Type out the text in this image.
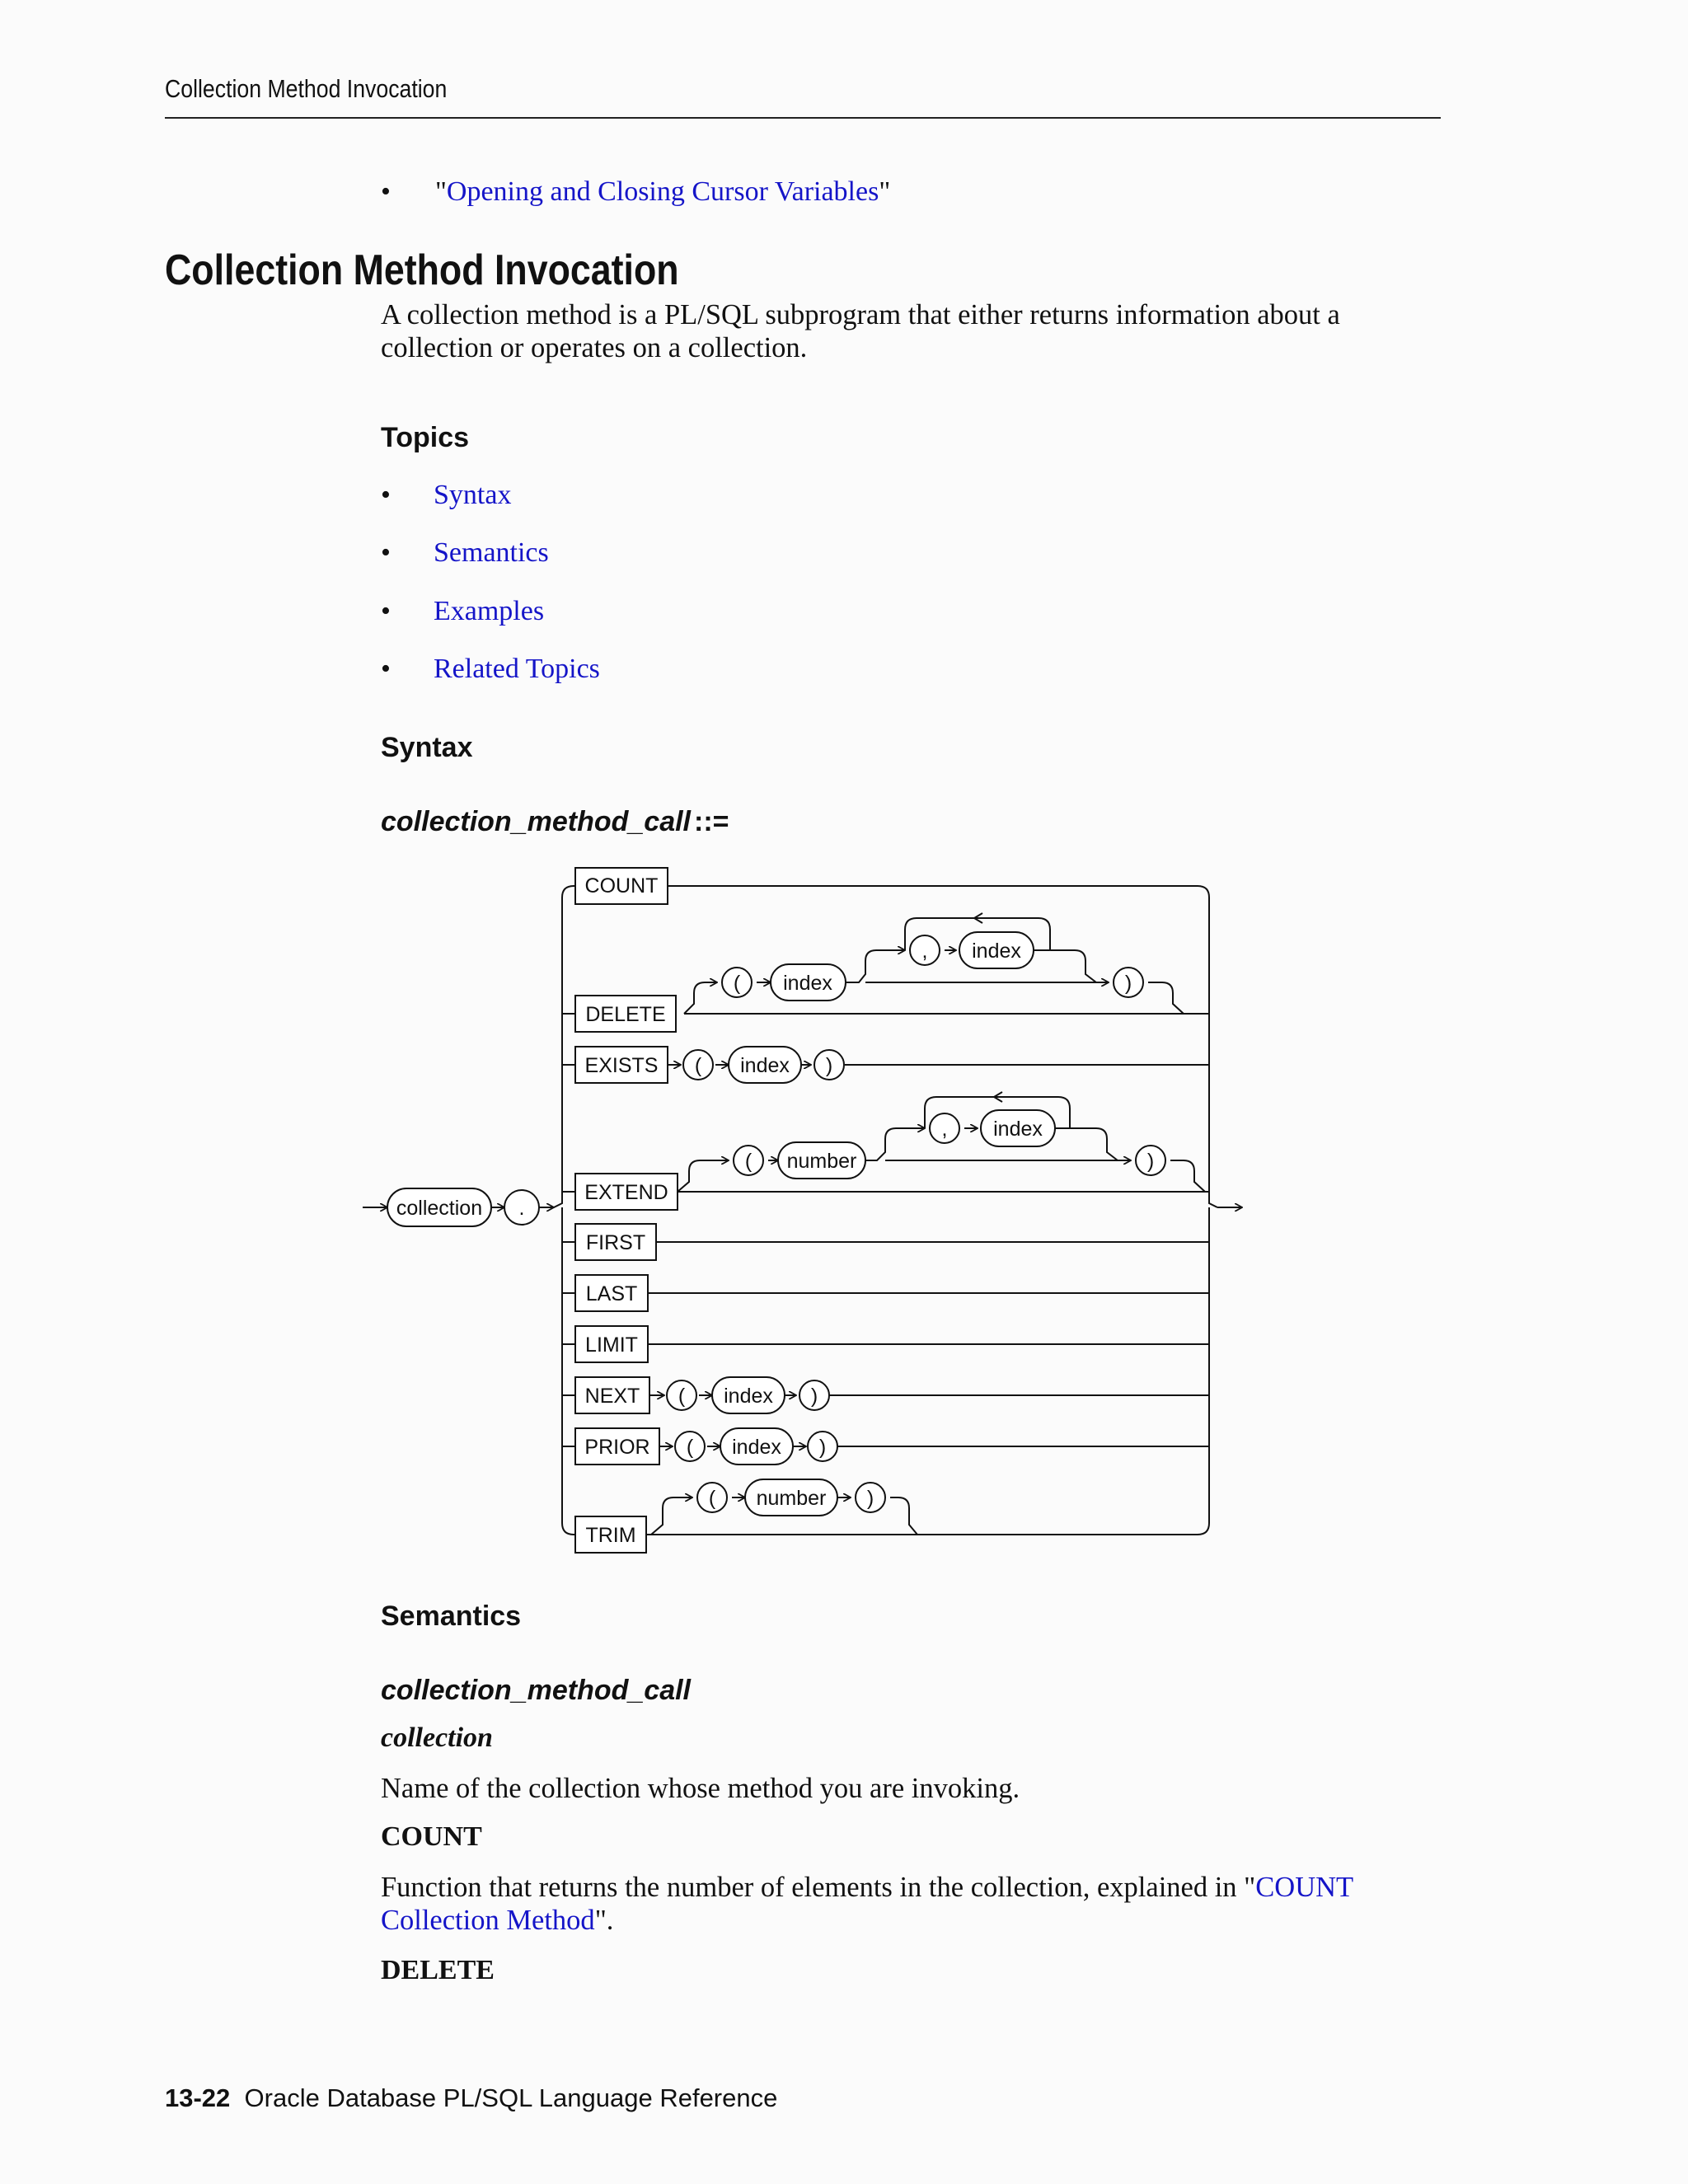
Collection Method Invocation
• "Opening and Closing Cursor Variables"
Collection Method Invocation
A collection method is a PL/SQL subprogram that either returns information about a
collection or operates on a collection.
Topics
• Syntax
• Semantics
• Examples
• Related Topics
Syntax
collection_method_call ::=
collection .
COUNT
DELETE
EXISTS
EXTEND
FIRST
LAST
LIMIT
NEXT
PRIOR
TRIM
( index
, index
)
( index )
( number
, index
)
( index )
( index )
( number )
Semantics
collection_method_call
collection
Name of the collection whose method you are invoking.
COUNT
Function that returns the number of elements in the collection, explained in "COUNT
Collection Method".
DELETE
13-22 Oracle Database PL/SQL Language Reference
